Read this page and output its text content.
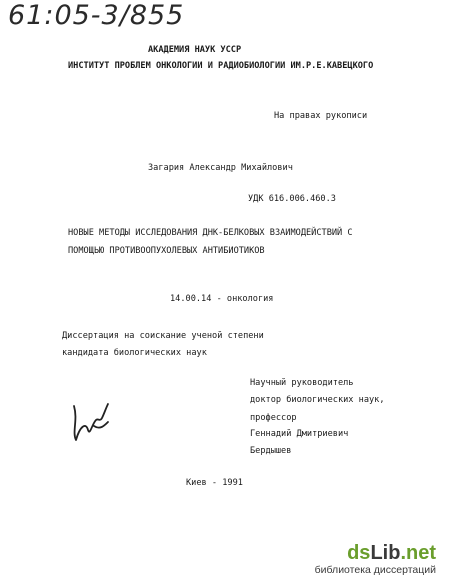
61:05-3/855
АКАДЕМИЯ НАУК УССР
ИНСТИТУТ ПРОБЛЕМ ОНКОЛОГИИ И РАДИОБИОЛОГИИ ИМ.Р.Е.КАВЕЦКОГО
На правах рукописи
Загария Александр Михайлович
УДК 616.006.460.3
НОВЫЕ МЕТОДЫ ИССЛЕДОВАНИЯ ДНК-БЕЛКОВЫХ ВЗАИМОДЕЙСТВИЙ С
ПОМОЩЬЮ ПРОТИВООПУХОЛЕВЫХ АНТИБИОТИКОВ
14.00.14 - онкология
Диссертация на соискание ученой степени
кандидата биологических наук
Научный руководитель
доктор биологических наук,
профессор
Геннадий Дмитриевич
Бердышев
Киев - 1991
dsLib.net
библиотека диссертаций
